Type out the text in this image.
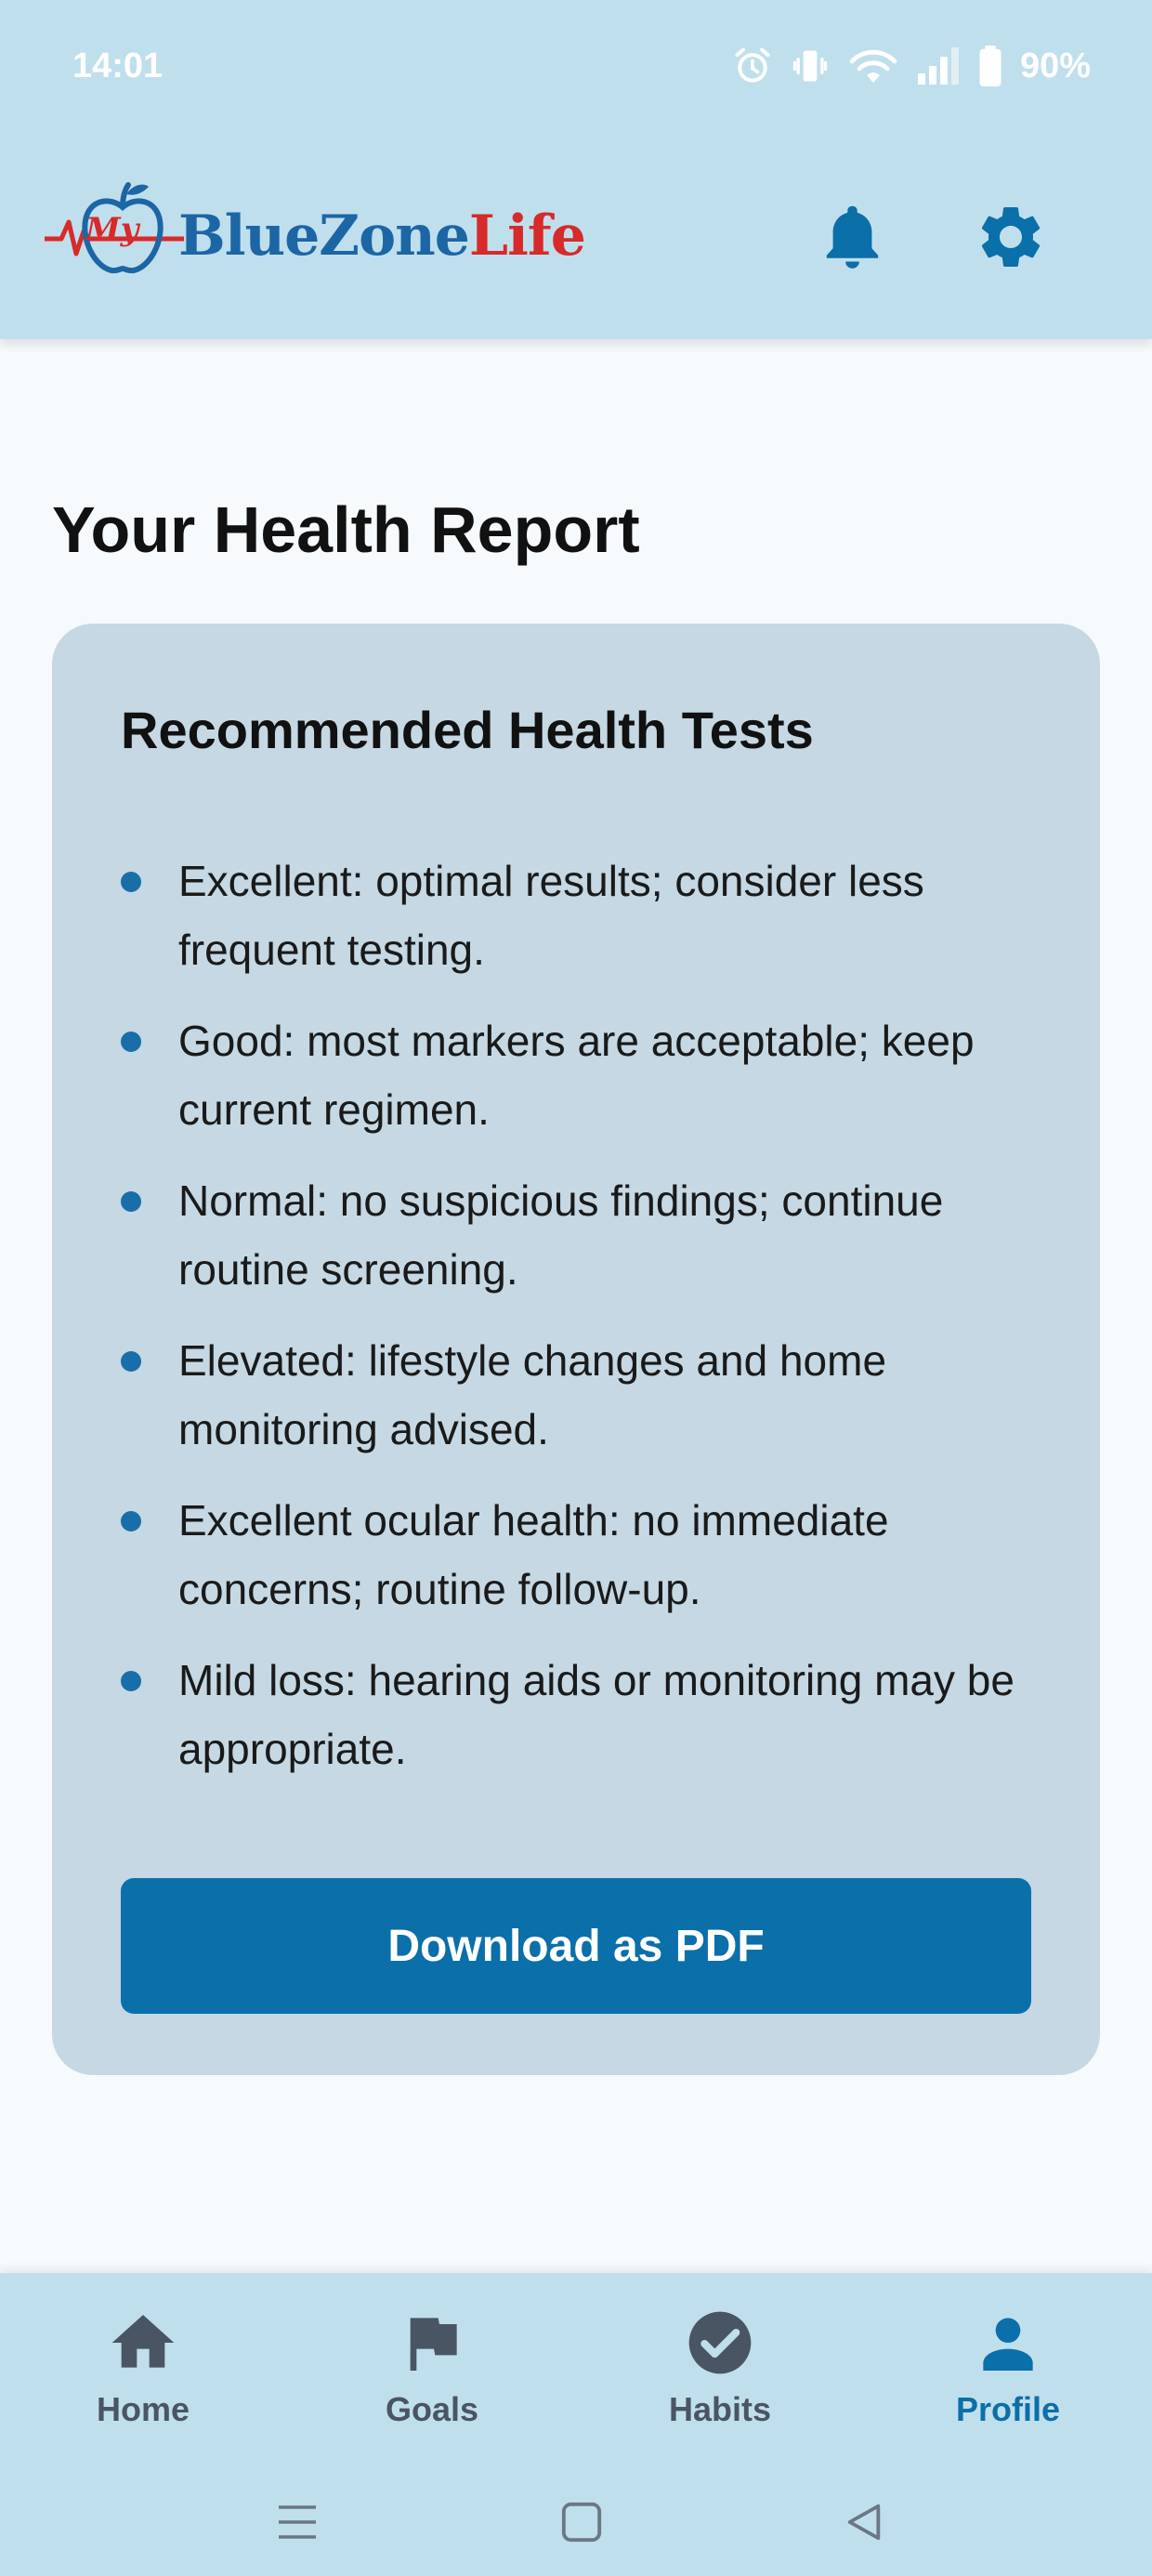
14:01	90%
My BlueZoneLife
Your Health Report
Recommended Health Tests
Excellent: optimal results; consider less frequent testing.
Good: most markers are acceptable; keep current regimen.
Normal: no suspicious findings; continue routine screening.
Elevated: lifestyle changes and home monitoring advised.
Excellent ocular health: no immediate concerns; routine follow-up.
Mild loss: hearing aids or monitoring may be appropriate.
Download as PDF
Home	Goals	Habits	Profile
